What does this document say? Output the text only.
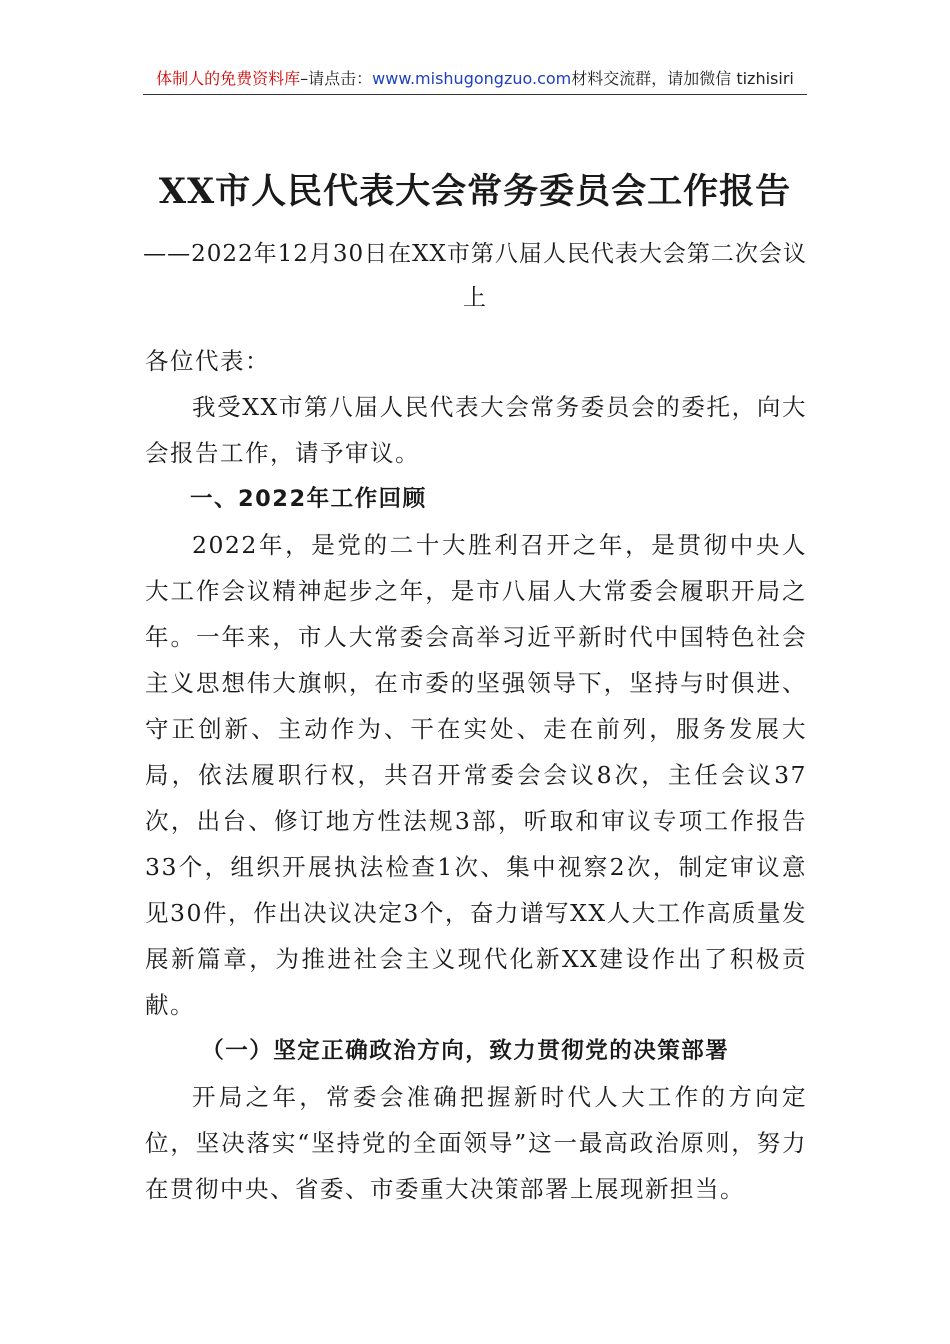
体制人的免费资料库–请点击：www.mishugongzuo.com材料交流群，请加微信 tizhisiri
XX市人民代表大会常务委员会工作报告
——2022年12月30日在XX市第八届人民代表大会第二次会议上

各位代表：

我受XX市第八届人民代表大会常务委员会的委托，向大会报告工作，请予审议。

一、2022年工作回顾

2022年，是党的二十大胜利召开之年，是贯彻中央人大工作会议精神起步之年，是市八届人大常委会履职开局之年。一年来，市人大常委会高举习近平新时代中国特色社会主义思想伟大旗帜，在市委的坚强领导下，坚持与时俱进、守正创新、主动作为、干在实处、走在前列，服务发展大局，依法履职行权，共召开常委会会议8次，主任会议37次，出台、修订地方性法规3部，听取和审议专项工作报告33个，组织开展执法检查1次、集中视察2次，制定审议意见30件，作出决议决定3个，奋力谱写XX人大工作高质量发展新篇章，为推进社会主义现代化新XX建设作出了积极贡献。

（一）坚定正确政治方向，致力贯彻党的决策部署

开局之年，常委会准确把握新时代人大工作的方向定位，坚决落实“坚持党的全面领导”这一最高政治原则，努力在贯彻中央、省委、市委重大决策部署上展现新担当。
